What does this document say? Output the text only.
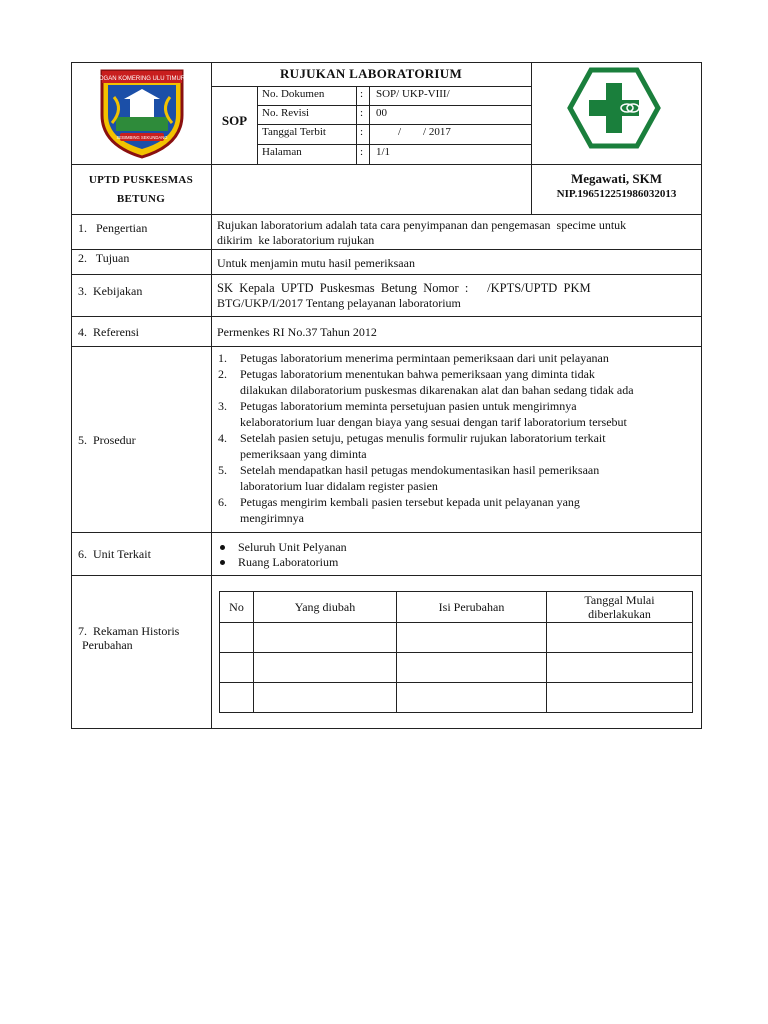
OGAN KOMERING ULU TIMUR
SEBIMBING SEKUNDANG
RUJUKAN LABORATORIUM
SOP
No. Dokumen	: SOP/ UKP-VIII/
No. Revisi	: 00
Tanggal Terbit	:	/        / 2017
Halaman	: 1/1
UPTD PUSKESMAS
BETUNG
Megawati, SKM
NIP.196512251986032013
1.   Pengertian	Rujukan laboratorium adalah tata cara penyimpanan dan pengemasan  specime untuk
dikirim  ke laboratorium rujukan
2.   Tujuan	Untuk menjamin mutu hasil pemeriksaan
3.  Kebijakan	SK  Kepala  UPTD  Puskesmas  Betung  Nomor  :      /KPTS/UPTD  PKM
BTG/UKP/I/2017 Tentang pelayanan laboratorium
4.  Referensi	Permenkes RI No.37 Tahun 2012
5.  Prosedur
1. Petugas laboratorium menerima permintaan pemeriksaan dari unit pelayanan
2. Petugas laboratorium menentukan bahwa pemeriksaan yang diminta tidak
dilakukan dilaboratorium puskesmas dikarenakan alat dan bahan sedang tidak ada
3. Petugas laboratorium meminta persetujuan pasien untuk mengirimnya
kelaboratorium luar dengan biaya yang sesuai dengan tarif laboratorium tersebut
4. Setelah pasien setuju, petugas menulis formulir rujukan laboratorium terkait
pemeriksaan yang diminta
5. Setelah mendapatkan hasil petugas mendokumentasikan hasil pemeriksaan
laboratorium luar didalam register pasien
6. Petugas mengirim kembali pasien tersebut kepada unit pelayanan yang
mengirimnya
6.  Unit Terkait	Seluruh Unit Pelyanan
Ruang Laboratorium
7.  Rekaman Historis
Perubahan
No	Yang diubah	Isi Perubahan	Tanggal Mulai diberlakukan
